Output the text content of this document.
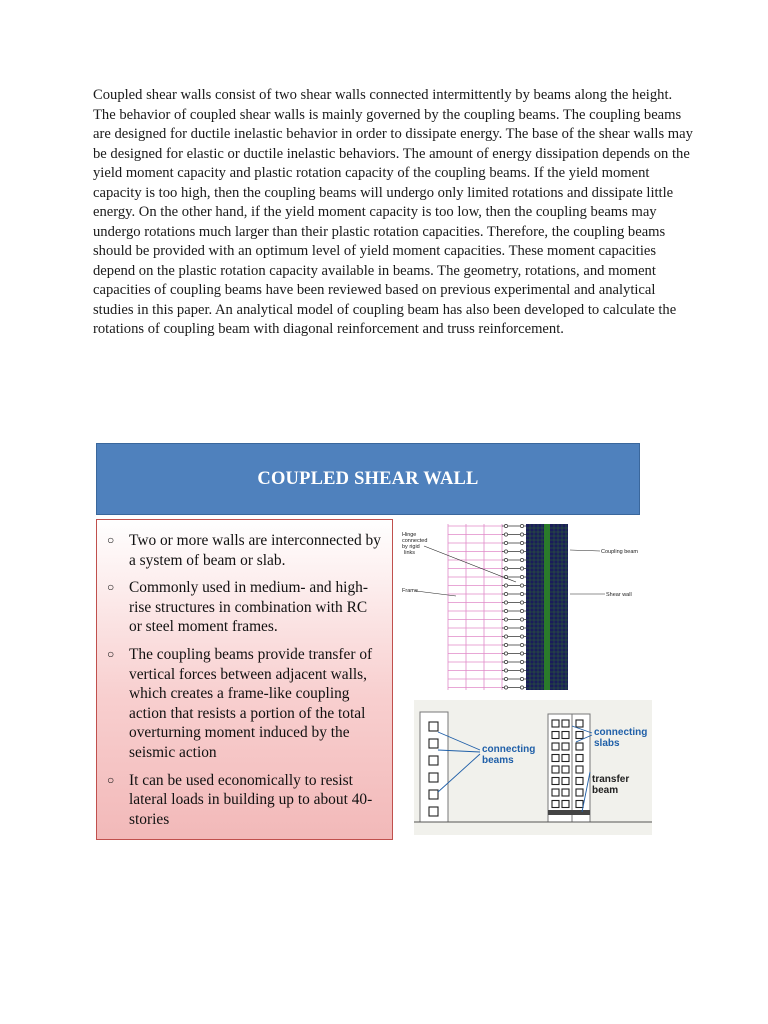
Coupled shear walls consist of two shear walls connected intermittently by beams along the height. The behavior of coupled shear walls is mainly governed by the coupling beams. The coupling beams are designed for ductile inelastic behavior in order to dissipate energy. The base of the shear walls may be designed for elastic or ductile inelastic behaviors. The amount of energy dissipation depends on the yield moment capacity and plastic rotation capacity of the coupling beams. If the yield moment capacity is too high, then the coupling beams will undergo only limited rotations and dissipate little energy. On the other hand, if the yield moment capacity is too low, then the coupling beams may undergo rotations much larger than their plastic rotation capacities. Therefore, the coupling beams should be provided with an optimum level of yield moment capacities. These moment capacities depend on the plastic rotation capacity available in beams. The geometry, rotations, and moment capacities of coupling beams have been reviewed based on previous experimental and analytical studies in this paper. An analytical model of coupling beam has also been developed to calculate the rotations of coupling beam with diagonal reinforcement and truss reinforcement.
COUPLED SHEAR WALL
○ Two or more walls are interconnected by a system of beam or slab.
○ Commonly used in medium- and high-rise structures in combination with RC or steel moment frames.
○ The coupling beams provide transfer of vertical forces between adjacent walls, which creates a frame-like coupling action that resists a portion of the total overturning moment induced by the seismic action
○ It can be used economically to resist lateral loads in building up to about 40-stories
Hinge
connected
by rigid
links
Frame
Coupling beam
Shear wall
connecting
beams
connecting
slabs
transfer
beam
